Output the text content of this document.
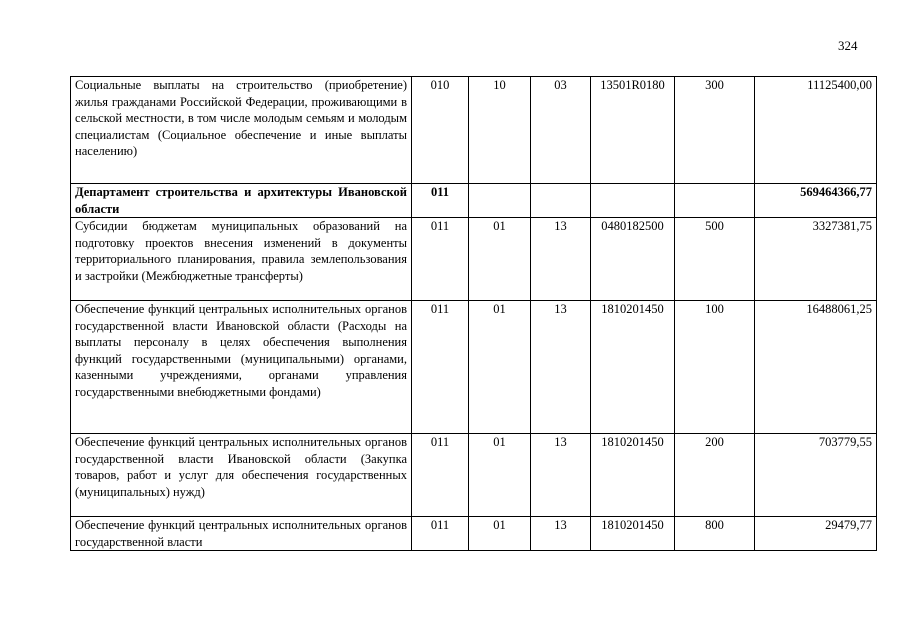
324
Социальные выплаты на строительство (приобретение) жилья гражданами Российской Федерации, проживающими в сельской местности, в том числе молодым семьям и молодым специалистам (Социальное обеспечение и иные выплаты населению)	010	10	03	13501R0180	300	11125400,00
Департамент строительства и архитектуры Ивановской области	011					569464366,77
Субсидии бюджетам муниципальных образований на подготовку проектов внесения изменений в документы территориального планирования, правила землепользования и застройки (Межбюджетные трансферты)	011	01	13	0480182500	500	3327381,75
Обеспечение функций центральных исполнительных органов государственной власти Ивановской области (Расходы на выплаты персоналу в целях обеспечения выполнения функций государственными (муниципальными) органами, казенными учреждениями, органами управления государственными внебюджетными фондами)	011	01	13	1810201450	100	16488061,25
Обеспечение функций центральных исполнительных органов государственной власти Ивановской области (Закупка товаров, работ и услуг для обеспечения государственных (муниципальных) нужд)	011	01	13	1810201450	200	703779,55
Обеспечение функций центральных исполнительных органов государственной власти	011	01	13	1810201450	800	29479,77
